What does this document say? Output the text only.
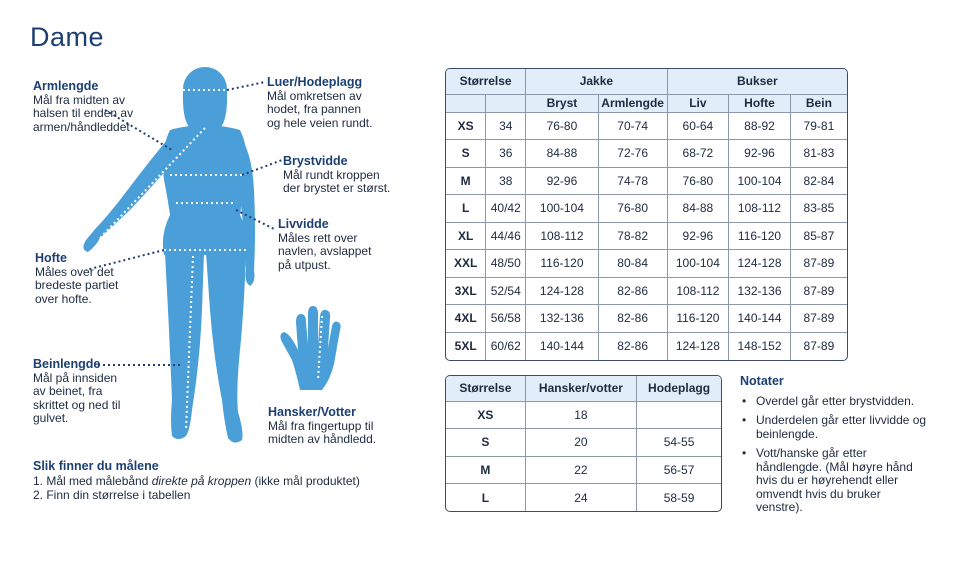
Dame
Armlengde
Mål fra midten av
halsen til enden av
armen/håndleddet
Luer/Hodeplagg
Mål omkretsen av
hodet, fra pannen
og hele veien rundt.
Brystvidde
Mål rundt kroppen
der brystet er størst.
Livvidde
Måles rett over
navlen, avslappet
på utpust.
Hofte
Måles over det
bredeste partiet
over hofte.
Beinlengde
Mål på innsiden
av beinet, fra
skrittet og ned til
gulvet.	Hansker/Votter
Mål fra fingertupp til
midten av håndledd.
Slik finner du målene
1. Mål med målebånd direkte på kroppen (ikke mål produktet)
2. Finn din størrelse i tabellen
Størrelse		Jakke		Bukser		
		Bryst	Armlengde	Liv	Hofte	Bein
XS	34	76-80	70-74	60-64	88-92	79-81
S	36	84-88	72-76	68-72	92-96	81-83
M	38	92-96	74-78	76-80	100-104	82-84
L	40/42	100-104	76-80	84-88	108-112	83-85
XL	44/46	108-112	78-82	92-96	116-120	85-87
XXL	48/50	116-120	80-84	100-104	124-128	87-89
3XL	52/54	124-128	82-86	108-112	132-136	87-89
4XL	56/58	132-136	82-86	116-120	140-144	87-89
5XL	60/62	140-144	82-86	124-128	148-152	87-89
Størrelse	Hansker/votter	Hodeplagg
XS	18	
S	20	54-55
M	22	56-57
L	24	58-59
Notater
• Overdel går etter brystvidden.
• Underdelen går etter livvidde og beinlengde.
• Vott/hanske går etter håndlengde. (Mål høyre hånd hvis du er høyrehendt eller omvendt hvis du bruker venstre).
